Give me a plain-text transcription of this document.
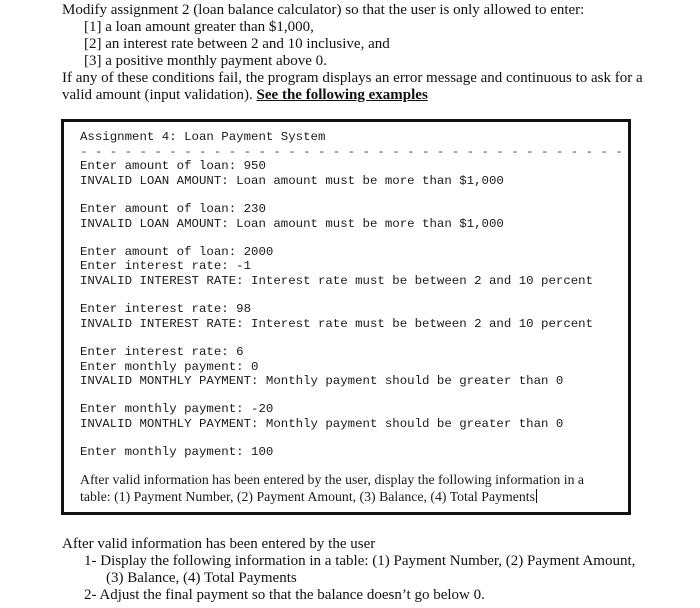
Modify assignment 2 (loan balance calculator) so that the user is only allowed to enter:
[1] a loan amount greater than $1,000,
[2] an interest rate between 2 and 10 inclusive, and
[3] a positive monthly payment above 0.
If any of these conditions fail, the program displays an error message and continuous to ask for a
valid amount (input validation). See the following examples
Assignment 4: Loan Payment System
- - - - - - - - - - - - - - - - - - - - - - - - - - - - - - - - - - - - -
Enter amount of loan: 950
INVALID LOAN AMOUNT: Loan amount must be more than $1,000
Enter amount of loan: 230
INVALID LOAN AMOUNT: Loan amount must be more than $1,000
Enter amount of loan: 2000
Enter interest rate: -1
INVALID INTEREST RATE: Interest rate must be between 2 and 10 percent
Enter interest rate: 98
INVALID INTEREST RATE: Interest rate must be between 2 and 10 percent
Enter interest rate: 6
Enter monthly payment: 0
INVALID MONTHLY PAYMENT: Monthly payment should be greater than 0
Enter monthly payment: -20
INVALID MONTHLY PAYMENT: Monthly payment should be greater than 0
Enter monthly payment: 100
After valid information has been entered by the user, display the following information in a
table: (1) Payment Number, (2) Payment Amount, (3) Balance, (4) Total Payments
After valid information has been entered by the user
1- Display the following information in a table: (1) Payment Number, (2) Payment Amount,
(3) Balance, (4) Total Payments
2- Adjust the final payment so that the balance doesn’t go below 0.
